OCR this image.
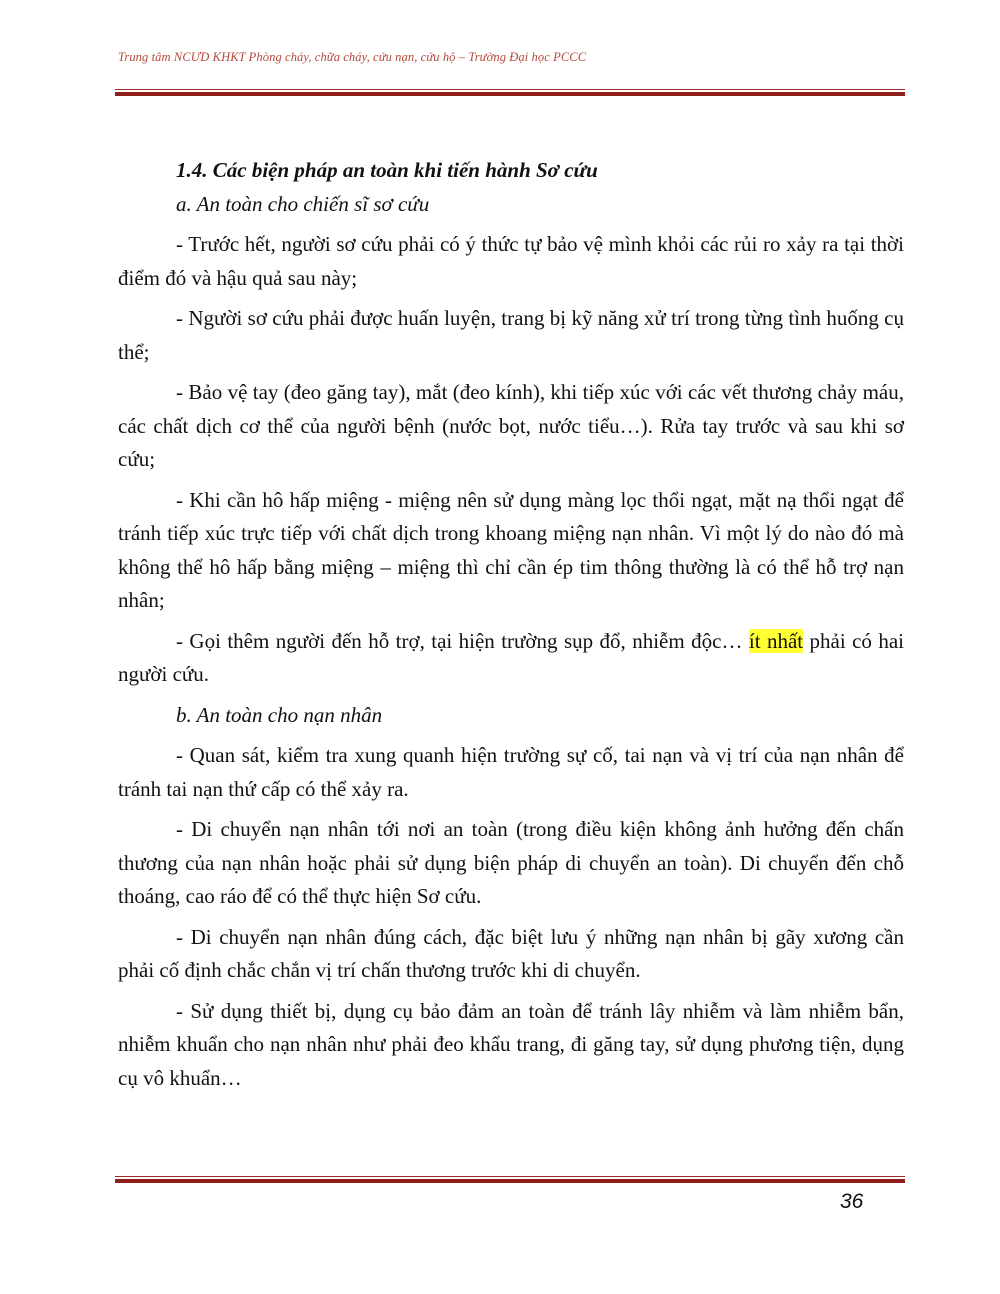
Trung tâm NCƯD KHKT Phòng cháy, chữa cháy, cứu nạn, cứu hộ – Trường Đại học PCCC

1.4. Các biện pháp an toàn khi tiến hành Sơ cứu

a. An toàn cho chiến sĩ sơ cứu

- Trước hết, người sơ cứu phải có ý thức tự bảo vệ mình khỏi các rủi ro xảy ra tại thời điểm đó và hậu quả sau này;

- Người sơ cứu phải được huấn luyện, trang bị kỹ năng xử trí trong từng tình huống cụ thể;

- Bảo vệ tay (đeo găng tay), mắt (đeo kính), khi tiếp xúc với các vết thương chảy máu, các chất dịch cơ thể của người bệnh (nước bọt, nước tiểu…). Rửa tay trước và sau khi sơ cứu;

- Khi cần hô hấp miệng - miệng nên sử dụng màng lọc thổi ngạt, mặt nạ thổi ngạt để tránh tiếp xúc trực tiếp với chất dịch trong khoang miệng nạn nhân. Vì một lý do nào đó mà không thể hô hấp bằng miệng – miệng thì chỉ cần ép tim thông thường là có thể hỗ trợ nạn nhân;

- Gọi thêm người đến hỗ trợ, tại hiện trường sụp đổ, nhiễm độc… ít nhất phải có hai người cứu.

b. An toàn cho nạn nhân

- Quan sát, kiểm tra xung quanh hiện trường sự cố, tai nạn và vị trí của nạn nhân để tránh tai nạn thứ cấp có thể xảy ra.

- Di chuyển nạn nhân tới nơi an toàn (trong điều kiện không ảnh hưởng đến chấn thương của nạn nhân hoặc phải sử dụng biện pháp di chuyển an toàn). Di chuyển đến chỗ thoáng, cao ráo để có thể thực hiện Sơ cứu.

- Di chuyển nạn nhân đúng cách, đặc biệt lưu ý những nạn nhân bị gãy xương cần phải cố định chắc chắn vị trí chấn thương trước khi di chuyển.

- Sử dụng thiết bị, dụng cụ bảo đảm an toàn để tránh lây nhiễm và làm nhiễm bẩn, nhiễm khuẩn cho nạn nhân như phải đeo khẩu trang, đi găng tay, sử dụng phương tiện, dụng cụ vô khuẩn…

36
